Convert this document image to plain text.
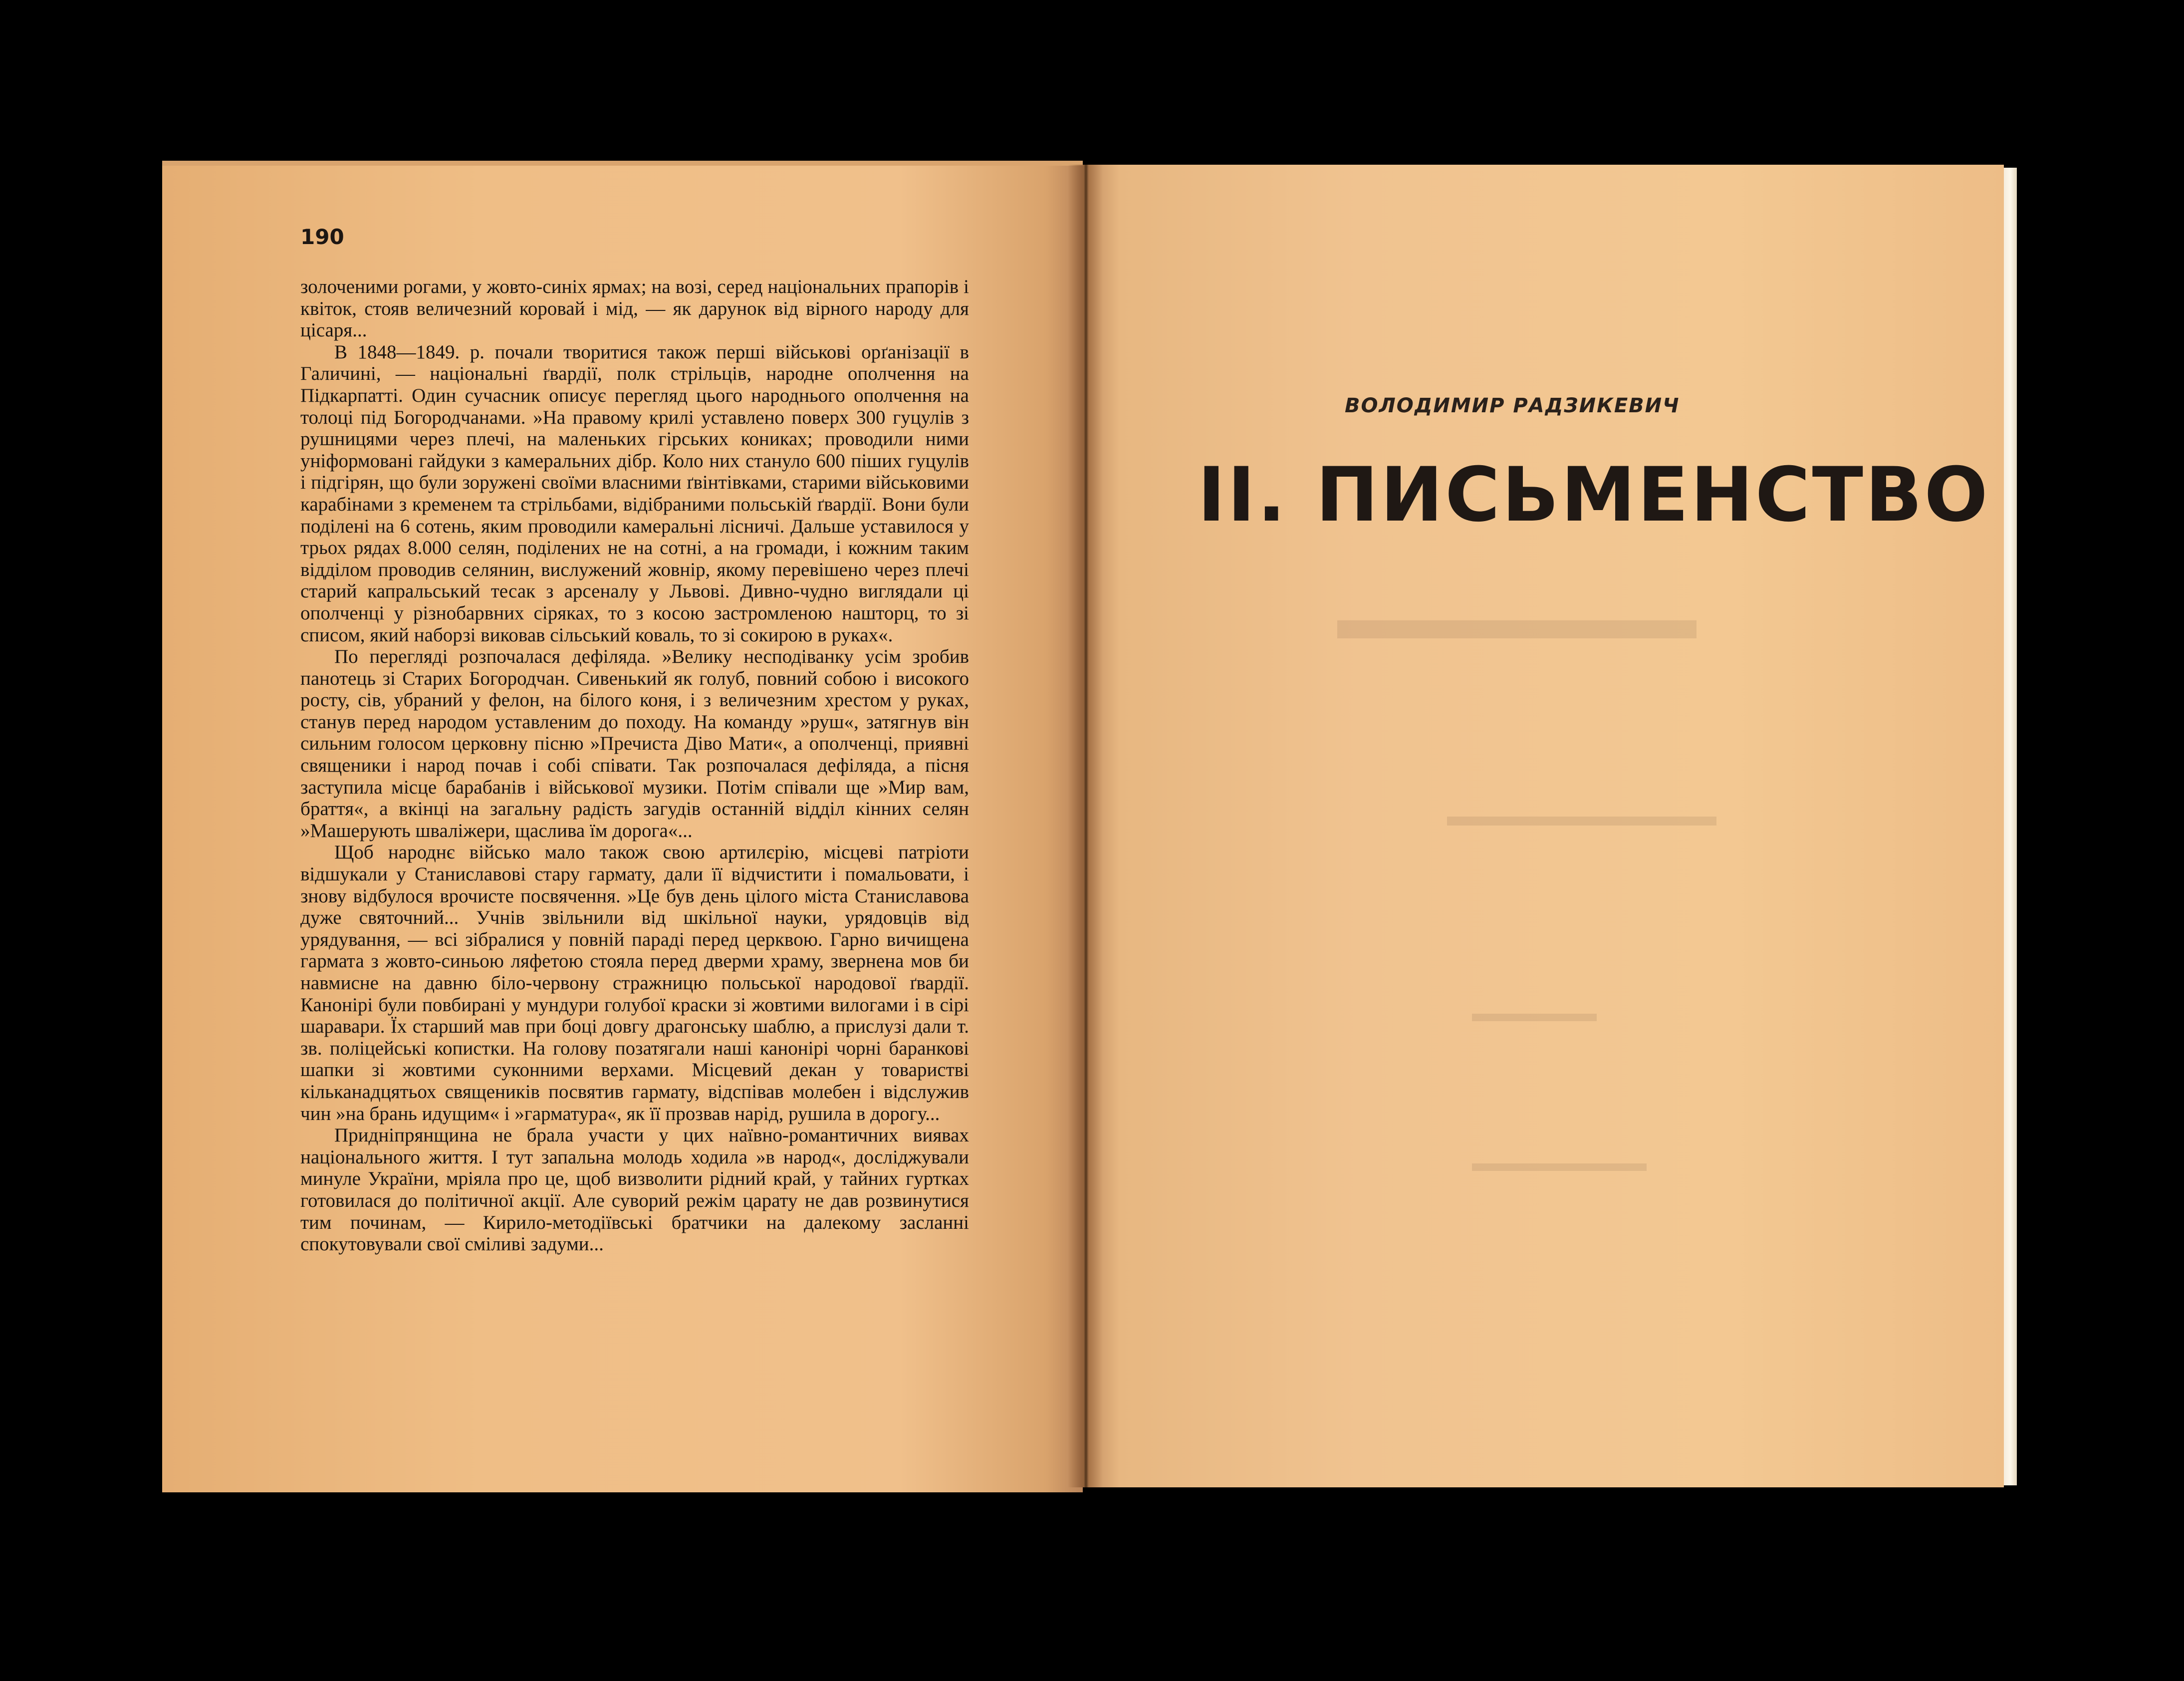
▬▬▬▬▬▬
▬▬▬▬▬▬▬▬▬
▬▬▬▬▬
▬▬▬▬▬▬▬
190

золоченими рогами, у жовто-синіх ярмах; на возі, серед національних прапорів і квіток, стояв величезний коровай і мід, — як дарунок від вірного народу для цісаря...

В 1848—1849. р. почали творитися також перші військові орґанізації в Галичині, — національні ґвардії, полк стрільців, народне ополчення на Підкарпатті. Один сучасник описує перегляд цього народнього ополчення на толоці під Богородчанами. »На правому крилі уставлено поверх 300 гуцулів з рушницями через плечі, на маленьких гірських кониках; проводили ними уніформовані гайдуки з камеральних дібр. Коло них стануло 600 піших гуцулів і підгірян, що були зоружені своїми власними ґвінтівками, старими військовими карабінами з кременем та стрільбами, відібраними польській ґвардії. Вони були поділені на 6 сотень, яким проводили камеральні лісничі. Дальше уставилося у трьох рядах 8.000 селян, поділених не на сотні, а на громади, і кожним таким відділом проводив селянин, вислужений жовнір, якому перевішено через плечі старий капральський тесак з арсеналу у Львові. Дивно-чудно виглядали ці ополченці у різнобарвних сіряках, то з косою застромленою нашторц, то зі списом, який наборзі виковав сільський коваль, то зі сокирою в руках«.

По перегляді розпочалася дефіляда. »Велику несподіванку усім зробив панотець зі Старих Богородчан. Сивенький як голуб, повний собою і високого росту, сів, убраний у фелон, на білого коня, і з величезним хрестом у руках, станув перед народом уставленим до походу. На команду »руш«, затягнув він сильним голосом церковну пісню »Пречиста Діво Мати«, а ополченці, приявні священики і народ почав і собі співати. Так розпочалася дефіляда, а пісня заступила місце барабанів і військової музики. Потім співали ще »Мир вам, браття«, а вкінці на загальну радість загудів останній відділ кінних селян »Машерують шваліжери, щаслива їм дорога«...

Щоб народнє військо мало також свою артилєрію, місцеві патріоти відшукали у Станиславові стару гармату, дали її відчистити і помальовати, і знову відбулося врочисте посвячення. »Це був день цілого міста Станиславова дуже святочний... Учнів звільнили від шкільної науки, урядовців від урядування, — всі зібралися у повній параді перед церквою. Гарно вичищена гармата з жовто-синьою ляфетою стояла перед дверми храму, звернена мов би навмисне на давню біло-червону стражницю польської народової ґвардії. Канонірі були повбирані у мундури голубої краски зі жовтими вилогами і в сірі шаравари. Їх старший мав при боці довгу драгонську шаблю, а прислузі дали т. зв. поліцейські копистки. На голову позатягали наші канонірі чорні баранкові шапки зі жовтими суконними верхами. Місцевий декан у товаристві кільканадцятьох священиків посвятив гармату, відспівав молебен і відслужив чин »на брань идущим« і »гарматура«, як її прозвав нарід, рушила в дорогу...

Придніпрянщина не брала участи у цих наївно-романтичних виявах національного життя. І тут запальна молодь ходила »в народ«, досліджували минуле України, мріяла про це, щоб визволити рідний край, у тайних гуртках готовилася до політичної акції. Але суворий режім царату не дав розвинутися тим починам, — Кирило-методіївські братчики на далекому засланні спокутовували свої сміливі задуми...

ВОЛОДИМИР РАДЗИКЕВИЧ
II. ПИСЬМЕНСТВО
